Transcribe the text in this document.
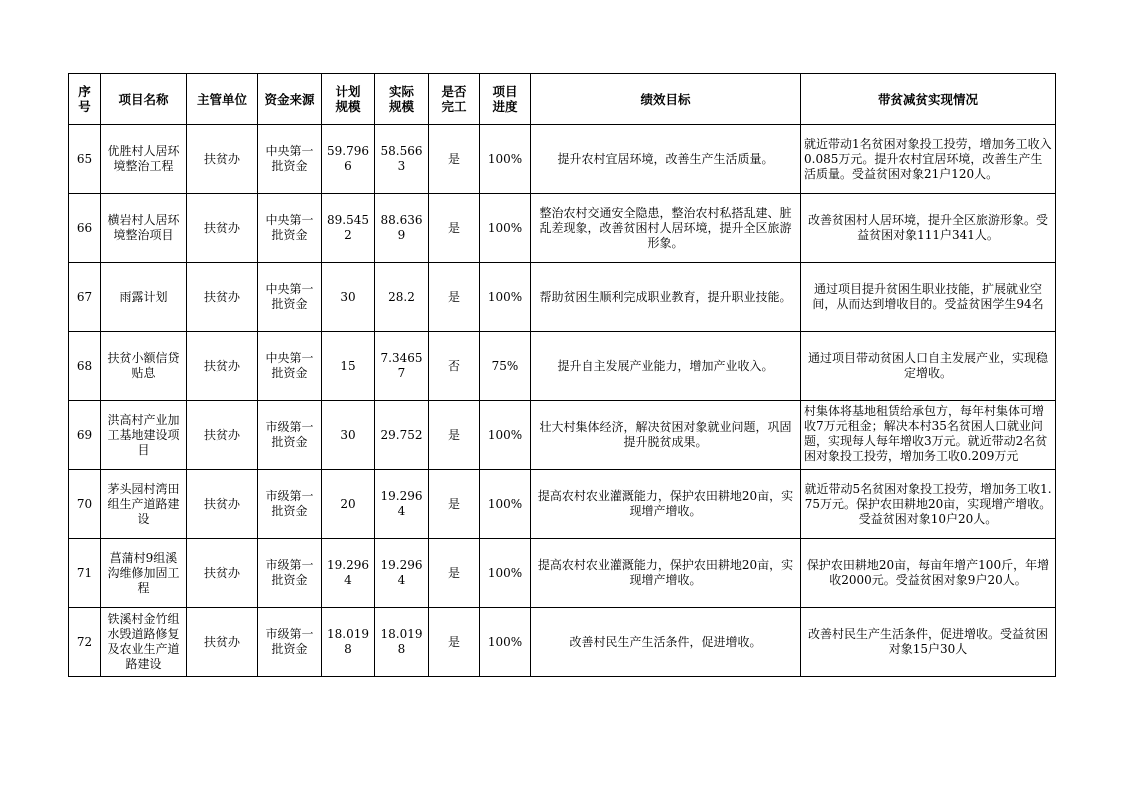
序号	项目名称	主管单位	资金来源	计划规模	实际规模	是否完工	项目进度	绩效目标	带贫减贫实现情况
65	优胜村人居环境整治工程	扶贫办	中央第一批资金	59.7966	58.5663	是	100%	提升农村宜居环境，改善生产生活质量。	就近带动1名贫困对象投工投劳，增加务工收入0.085万元。提升农村宜居环境，改善生产生活质量。受益贫困对象21户120人。
66	横岩村人居环境整治项目	扶贫办	中央第一批资金	89.5452	88.6369	是	100%	整治农村交通安全隐患，整治农村私搭乱建、脏乱差现象，改善贫困村人居环境，提升全区旅游形象。	改善贫困村人居环境，提升全区旅游形象。受益贫困对象111户341人。
67	雨露计划	扶贫办	中央第一批资金	30	28.2	是	100%	帮助贫困生顺利完成职业教育，提升职业技能。	通过项目提升贫困生职业技能，扩展就业空间，从而达到增收目的。受益贫困学生94名
68	扶贫小额信贷贴息	扶贫办	中央第一批资金	15	7.34657	否	75%	提升自主发展产业能力，增加产业收入。	通过项目带动贫困人口自主发展产业，实现稳定增收。
69	洪高村产业加工基地建设项目	扶贫办	市级第一批资金	30	29.752	是	100%	壮大村集体经济，解决贫困对象就业问题，巩固提升脱贫成果。	村集体将基地租赁给承包方，每年村集体可增收7万元租金；解决本村35名贫困人口就业问题，实现每人每年增收3万元。就近带动2名贫困对象投工投劳，增加务工收0.209万元

70	茅头园村湾田组生产道路建设	扶贫办	市级第一批资金	20	19.2964	是	100%	提高农村农业灌溉能力，保护农田耕地20亩，实现增产增收。	就近带动5名贫困对象投工投劳，增加务工收1.75万元。保护农田耕地20亩，实现增产增收。受益贫困对象10户20人。
71	菖蒲村9组溪沟维修加固工程	扶贫办	市级第一批资金	19.2964	19.2964	是	100%	提高农村农业灌溉能力，保护农田耕地20亩，实现增产增收。	保护农田耕地20亩，每亩年增产100斤，年增收2000元。受益贫困对象9户20人。
72	铁溪村金竹组水毁道路修复及农业生产道路建设	扶贫办	市级第一批资金	18.0198	18.0198	是	100%	改善村民生产生活条件，促进增收。	改善村民生产生活条件，促进增收。受益贫困对象15户30人
